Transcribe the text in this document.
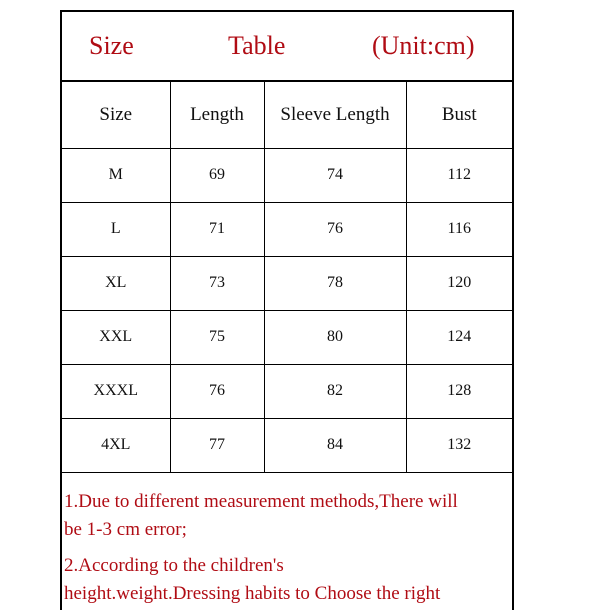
Size	Table	(Unit:cm)
Size	Length	Sleeve Length	Bust
M	69	74	112
L	71	76	116
XL	73	78	120
XXL	75	80	124
XXXL	76	82	128
4XL	77	84	132
1.Due to different measurement methods,There will
be 1-3 cm error;
2.According to the children's
height.weight.Dressing habits to Choose the right
